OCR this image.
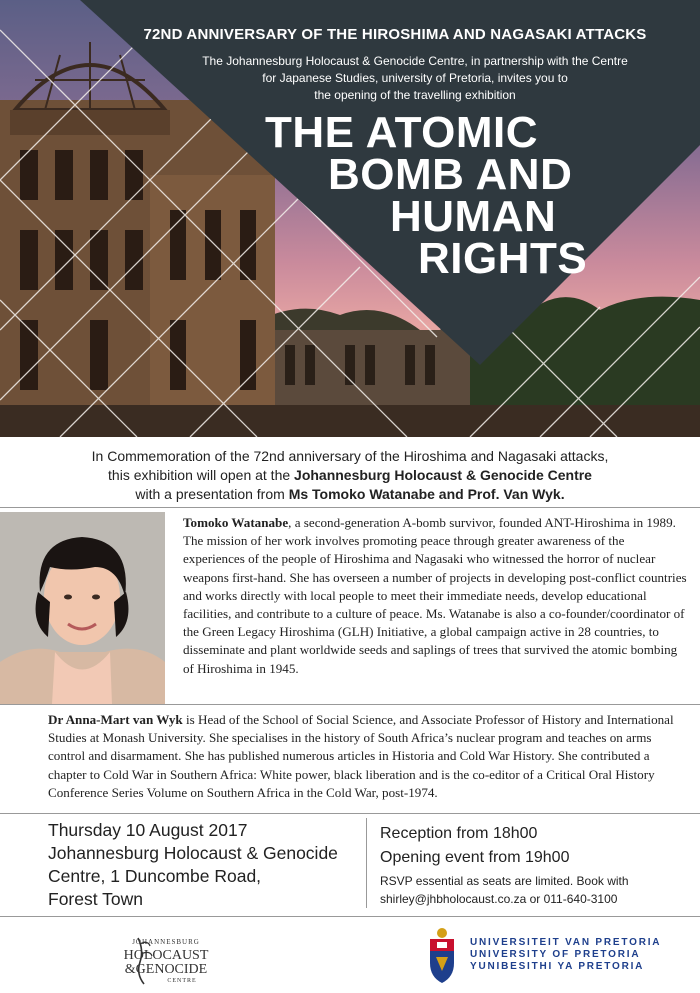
72ND ANNIVERSARY OF THE HIROSHIMA AND NAGASAKI ATTACKS
The Johannesburg Holocaust & Genocide Centre, in partnership with the Centre
for Japanese Studies, university of Pretoria, invites you to
the opening of the travelling exhibition
THE ATOMIC
BOMB AND
HUMAN
RIGHTS
In Commemoration of the 72nd anniversary of the Hiroshima and Nagasaki attacks,
this exhibition will open at the Johannesburg Holocaust & Genocide Centre
with a presentation from Ms Tomoko Watanabe and Prof. Van Wyk.
Tomoko Watanabe, a second-generation A-bomb survivor, founded ANT-Hiroshima in 1989. The mission of her work involves promoting peace through greater awareness of the experiences of the people of Hiroshima and Nagasaki who witnessed the horror of nuclear weapons first-hand. She has overseen a number of projects in developing post-conflict countries and works directly with local people to meet their immediate needs, develop educational facilities, and contribute to a culture of peace. Ms. Watanabe is also a co-founder/coordinator of the Green Legacy Hiroshima (GLH) Initiative, a global campaign active in 28 countries, to disseminate and plant worldwide seeds and saplings of trees that survived the atomic bombing of Hiroshima in 1945.
Dr Anna-Mart van Wyk is Head of the School of Social Science, and Associate Professor of History and International Studies at Monash University. She specialises in the history of South Africa’s nuclear program and teaches on arms control and disarmament. She has published numerous articles in Historia and Cold War History. She contributed a chapter to Cold War in Southern Africa: White power, black liberation and is the co-editor of a Critical Oral History Conference Series Volume on Southern Africa in the Cold War, post-1974.
Thursday 10 August 2017
Johannesburg Holocaust & Genocide
Centre, 1 Duncombe Road,
Forest Town
Reception from 18h00
Opening event from 19h00
RSVP essential as seats are limited. Book with
shirley@jhbholocaust.co.za or 011-640-3100
JOHANNESBURG
HOLOCAUST
&GENOCIDE
CENTRE
UNIVERSITEIT VAN PRETORIA
UNIVERSITY OF PRETORIA
YUNIBESITHI YA PRETORIA
